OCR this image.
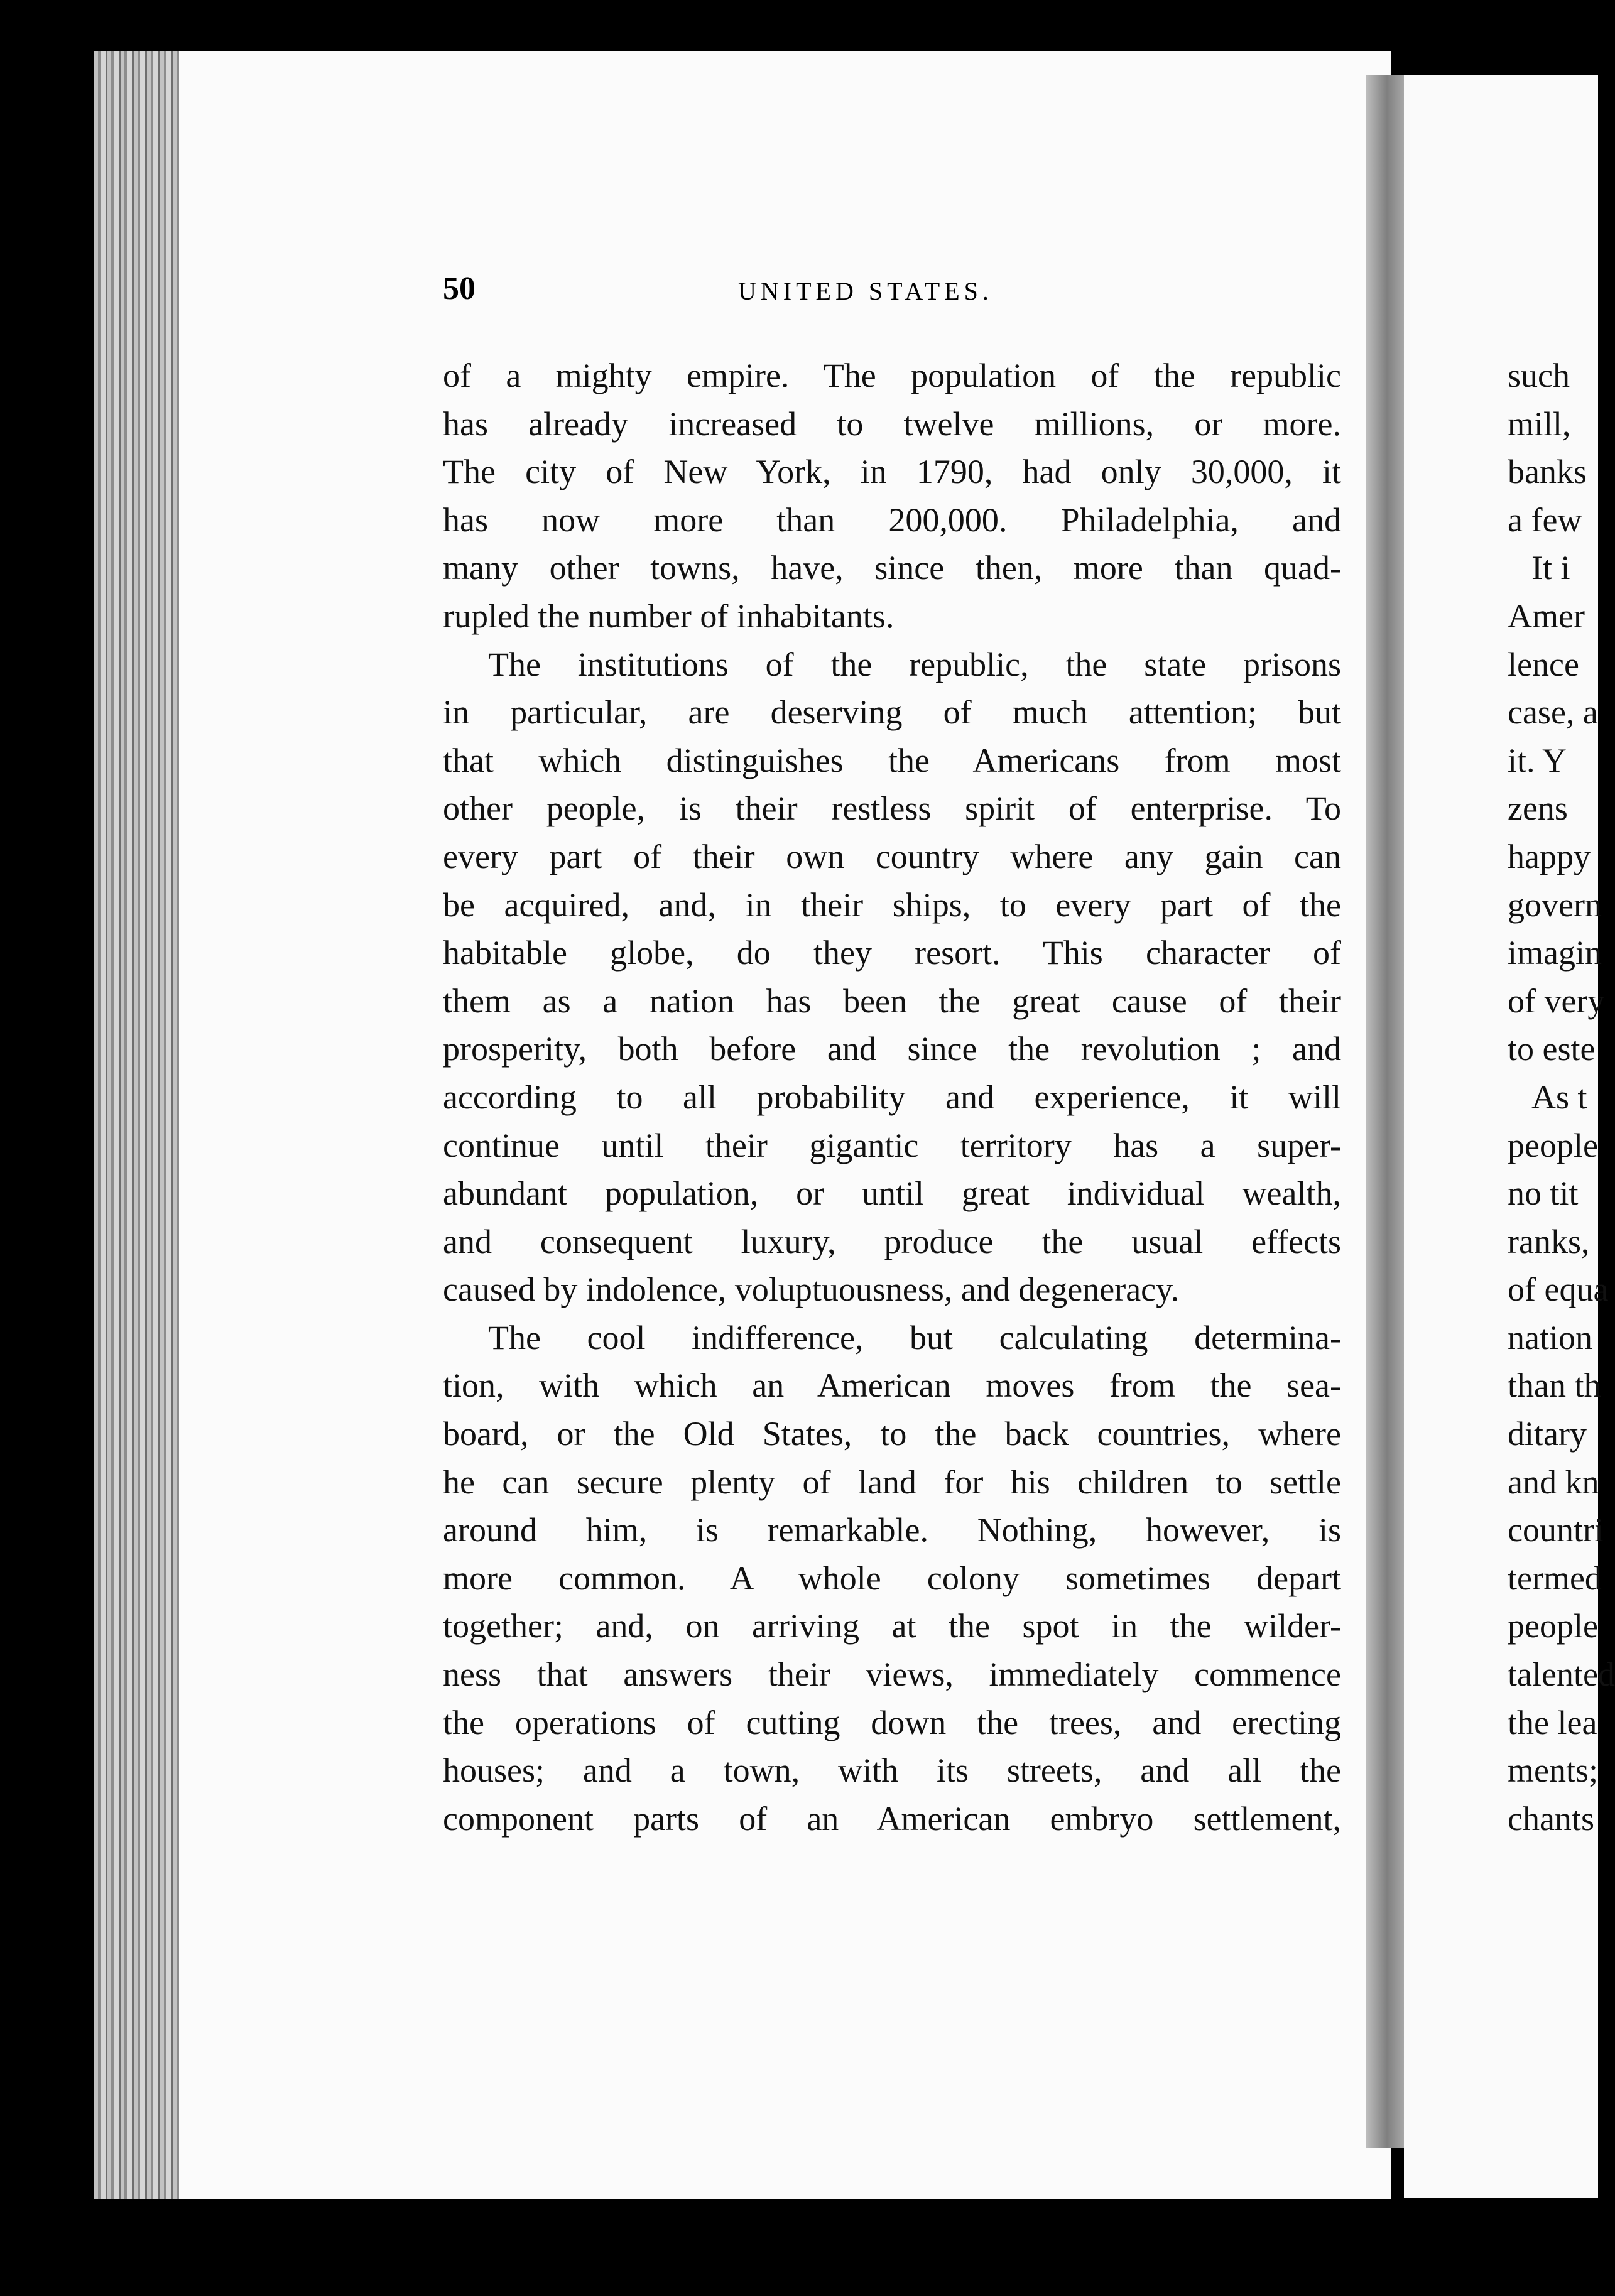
50	UNITED STATES.
of a mighty empire. The population of the republic
has already increased to twelve millions, or more.
The city of New York, in 1790, had only 30,000, it
has now more than 200,000. Philadelphia, and
many other towns, have, since then, more than quad-
rupled the number of inhabitants.
The institutions of the republic, the state prisons
in particular, are deserving of much attention; but
that which distinguishes the Americans from most
other people, is their restless spirit of enterprise. To
every part of their own country where any gain can
be acquired, and, in their ships, to every part of the
habitable globe, do they resort. This character of
them as a nation has been the great cause of their
prosperity, both before and since the revolution ; and
according to all probability and experience, it will
continue until their gigantic territory has a super-
abundant population, or until great individual wealth,
and consequent luxury, produce the usual effects
caused by indolence, voluptuousness, and degeneracy.
The cool indifference, but calculating determina-
tion, with which an American moves from the sea-
board, or the Old States, to the back countries, where
he can secure plenty of land for his children to settle
around him, is remarkable. Nothing, however, is
more common. A whole colony sometimes depart
together; and, on arriving at the spot in the wilder-
ness that answers their views, immediately commence
the operations of cutting down the trees, and erecting
houses; and a town, with its streets, and all the
component parts of an American embryo settlement,
such
mill,
banks
a few
It i
Amer
lence
case, a
it. Y
zens
happy
govern
imagin
of very
to este
As t
people
no tit
ranks,
of equa
nation
than th
ditary
and kn
countri
termed
people
talented
the lea
ments;
chants
